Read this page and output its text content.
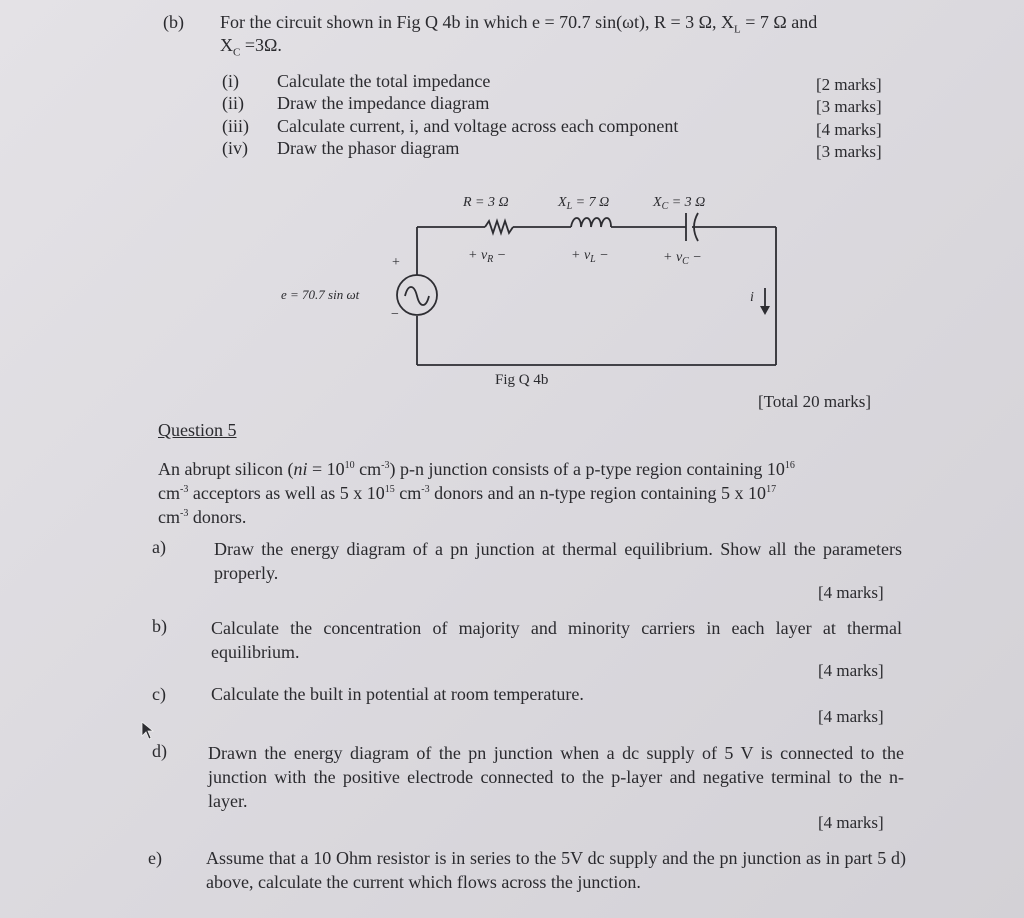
(b) For the circuit shown in Fig Q 4b in which e = 70.7 sin(ωt), R = 3 Ω, $X_L = 7$ Ω and
$X_C =3\Omega$.
(i) Calculate the total impedance	[2 marks]
(ii) Draw the impedance diagram	[3 marks]
(iii) Calculate current, i, and voltage across each component	[4 marks]
(iv) Draw the phasor diagram	[3 marks]
R = 3 Ω	$X_L = 7$ Ω	$X_C = 3$ Ω
+ $v_R$ −	+ $v_L$ −	+ $v_C$ −
e = 70.7 sin ωt
+
−
i
Fig Q 4b
[Total 20 marks]
Question 5
An abrupt silicon ($ni = 10^{10}$ $cm^{-3}$) p-n junction consists of a p-type region containing $10^{16}$
$cm^{-3}$ acceptors as well as 5 x $10^{15}$ $cm^{-3}$ donors and an n-type region containing 5 x $10^{17}$
$cm^{-3}$ donors.
a)	Draw the energy diagram of a pn junction at thermal equilibrium. Show all the parameters properly.
[4 marks]
b) Calculate the concentration of majority and minority carriers in each layer at thermal equilibrium.
[4 marks]
c)	Calculate the built in potential at room temperature.
[4 marks]
d) Drawn the energy diagram of the pn junction when a dc supply of 5 V is connected to the junction with the positive electrode connected to the p-layer and negative terminal to the n-layer.
[4 marks]
e) Assume that a 10 Ohm resistor is in series to the 5V dc supply and the pn junction as in part 5 d) above, calculate the current which flows across the junction.
